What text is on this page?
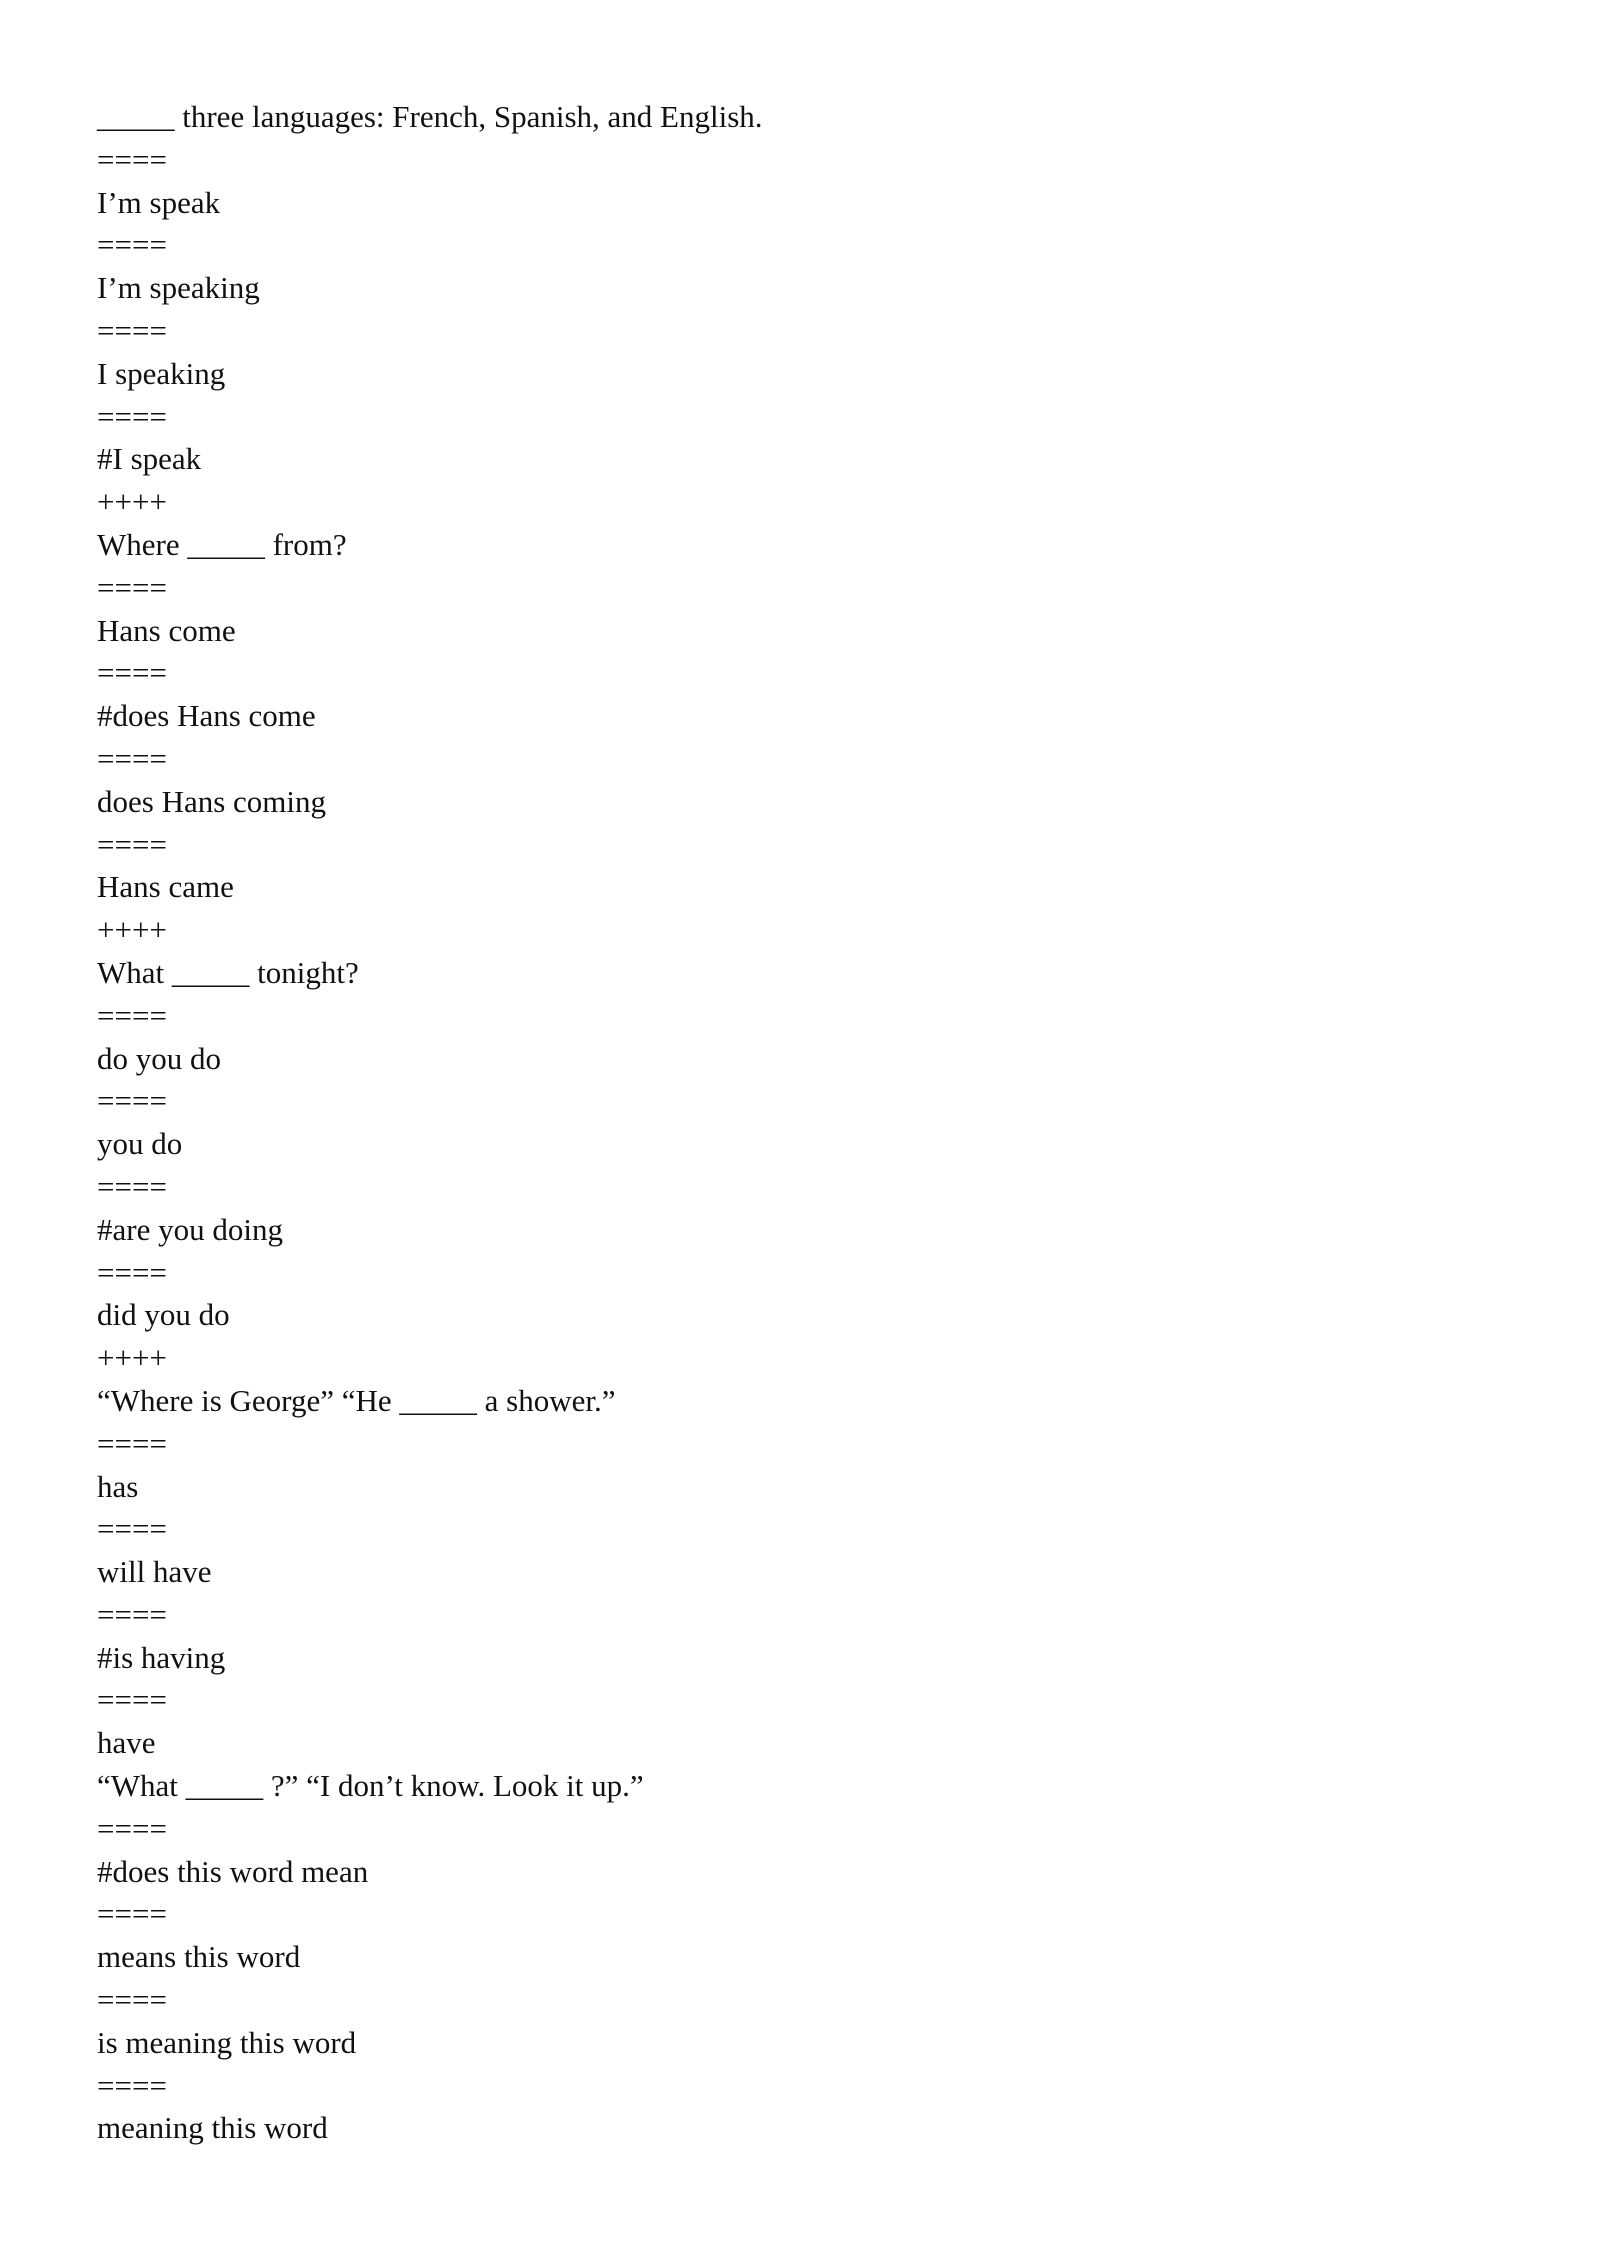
_____ three languages: French, Spanish, and English.
====
I’m speak
====
I’m speaking
====
I speaking
====
#I speak
++++
Where _____ from?
====
Hans come
====
#does Hans come
====
does Hans coming
====
Hans came
++++
What _____ tonight?
====
do you do
====
you do
====
#are you doing
====
did you do
++++
“Where is George” “He _____ a shower.”
====
has
====
will have
====
#is having
====
have
“What _____ ?” “I don’t know. Look it up.”
====
#does this word mean
====
means this word
====
is meaning this word
====
meaning this word
